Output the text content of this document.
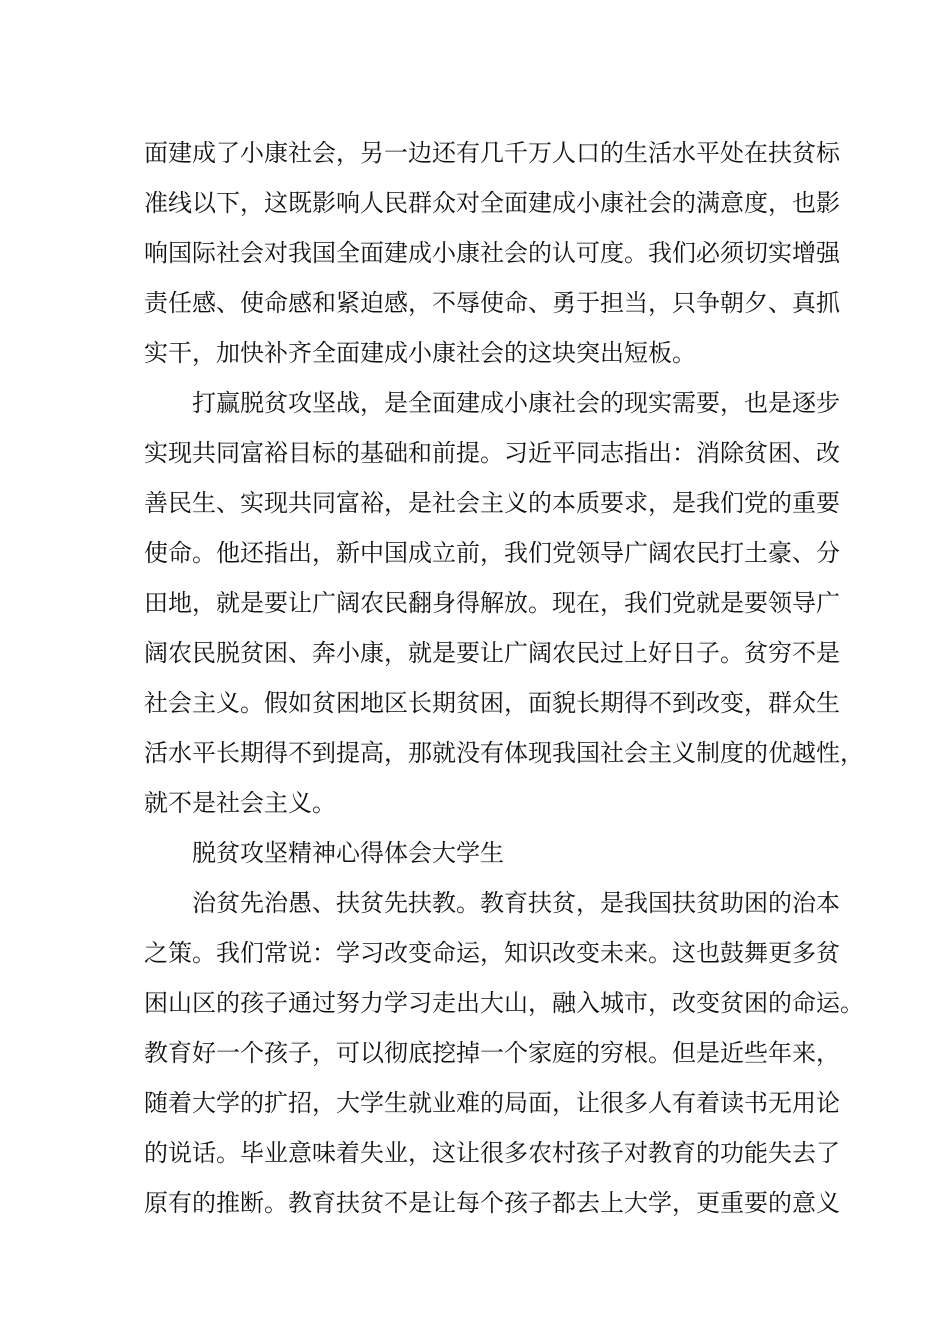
面建成了小康社会，另一边还有几千万人口的生活水平处在扶贫标
准线以下，这既影响人民群众对全面建成小康社会的满意度，也影
响国际社会对我国全面建成小康社会的认可度。我们必须切实增强
责任感、使命感和紧迫感，不辱使命、勇于担当，只争朝夕、真抓
实干，加快补齐全面建成小康社会的这块突出短板。
打赢脱贫攻坚战，是全面建成小康社会的现实需要，也是逐步
实现共同富裕目标的基础和前提。习近平同志指出：消除贫困、改
善民生、实现共同富裕，是社会主义的本质要求，是我们党的重要
使命。他还指出，新中国成立前，我们党领导广阔农民打土豪、分
田地，就是要让广阔农民翻身得解放。现在，我们党就是要领导广
阔农民脱贫困、奔小康，就是要让广阔农民过上好日子。贫穷不是
社会主义。假如贫困地区长期贫困，面貌长期得不到改变，群众生
活水平长期得不到提高，那就没有体现我国社会主义制度的优越性，
就不是社会主义。
脱贫攻坚精神心得体会大学生
治贫先治愚、扶贫先扶教。教育扶贫，是我国扶贫助困的治本
之策。我们常说：学习改变命运，知识改变未来。这也鼓舞更多贫
困山区的孩子通过努力学习走出大山，融入城市，改变贫困的命运。
教育好一个孩子，可以彻底挖掉一个家庭的穷根。但是近些年来，
随着大学的扩招，大学生就业难的局面，让很多人有着读书无用论
的说话。毕业意味着失业，这让很多农村孩子对教育的功能失去了
原有的推断。教育扶贫不是让每个孩子都去上大学，更重要的意义
